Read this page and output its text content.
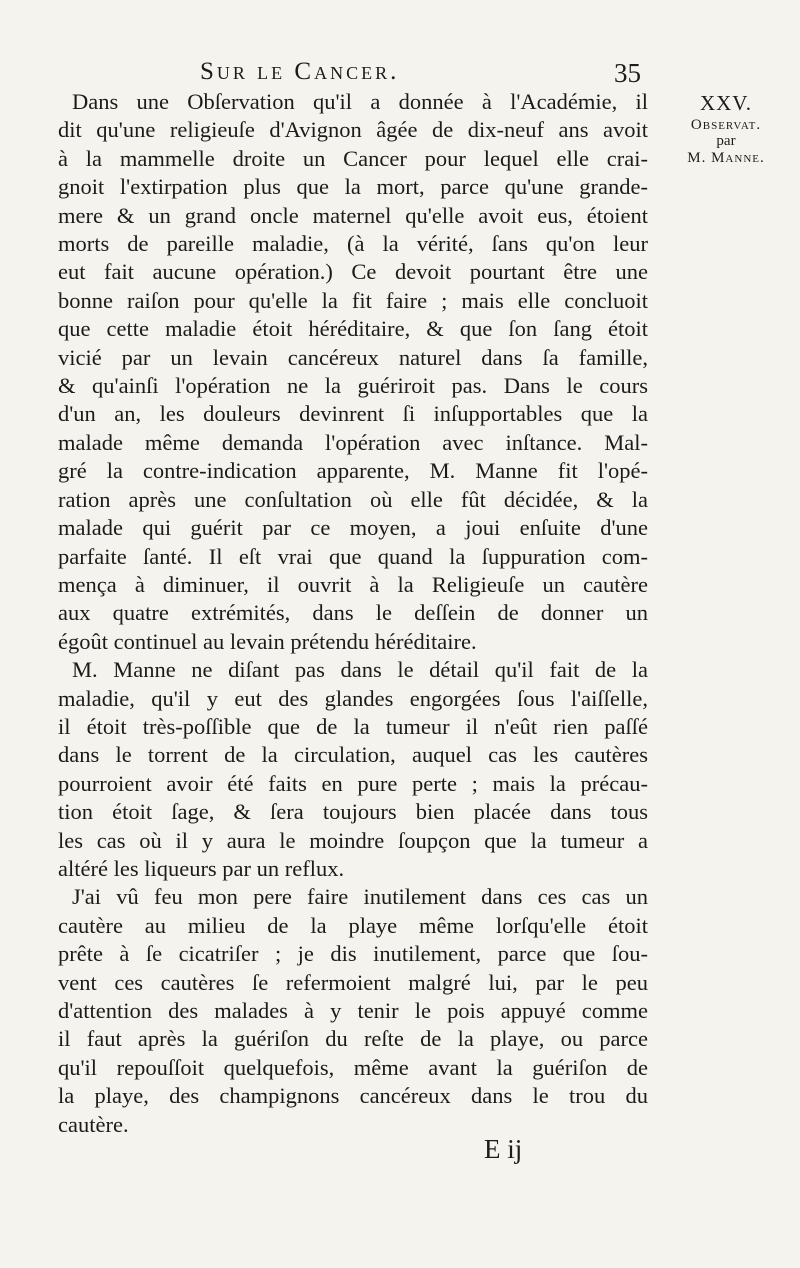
Sur le Cancer.	35
XXV.
Observat.
par
M. Manne.
Dans une Obſervation qu'il a donnée à l'Académie, il
dit qu'une religieuſe d'Avignon âgée de dix-neuf ans avoit
à la mammelle droite un Cancer pour lequel elle crai-
gnoit l'extirpation plus que la mort, parce qu'une grande-
mere & un grand oncle maternel qu'elle avoit eus, étoient
morts de pareille maladie, (à la vérité, ſans qu'on leur
eut fait aucune opération.) Ce devoit pourtant être une
bonne raiſon pour qu'elle la fit faire ; mais elle concluoit
que cette maladie étoit héréditaire, & que ſon ſang étoit
vicié par un levain cancéreux naturel dans ſa famille,
& qu'ainſi l'opération ne la guériroit pas. Dans le cours
d'un an, les douleurs devinrent ſi inſupportables que la
malade même demanda l'opération avec inſtance. Mal-
gré la contre-indication apparente, M. Manne fit l'opé-
ration après une conſultation où elle fût décidée, & la
malade qui guérit par ce moyen, a joui enſuite d'une
parfaite ſanté. Il eſt vrai que quand la ſuppuration com-
mença à diminuer, il ouvrit à la Religieuſe un cautère
aux quatre extrémités, dans le deſſein de donner un
égoût continuel au levain prétendu héréditaire.
M. Manne ne diſant pas dans le détail qu'il fait de la
maladie, qu'il y eut des glandes engorgées ſous l'aiſſelle,
il étoit très-poſſible que de la tumeur il n'eût rien paſſé
dans le torrent de la circulation, auquel cas les cautères
pourroient avoir été faits en pure perte ; mais la précau-
tion étoit ſage, & ſera toujours bien placée dans tous
les cas où il y aura le moindre ſoupçon que la tumeur a
altéré les liqueurs par un reflux.
J'ai vû feu mon pere faire inutilement dans ces cas un
cautère au milieu de la playe même lorſqu'elle étoit
prête à ſe cicatriſer ; je dis inutilement, parce que ſou-
vent ces cautères ſe refermoient malgré lui, par le peu
d'attention des malades à y tenir le pois appuyé comme
il faut après la guériſon du reſte de la playe, ou parce
qu'il repouſſoit quelquefois, même avant la guériſon de
la playe, des champignons cancéreux dans le trou du
cautère.
E ij
